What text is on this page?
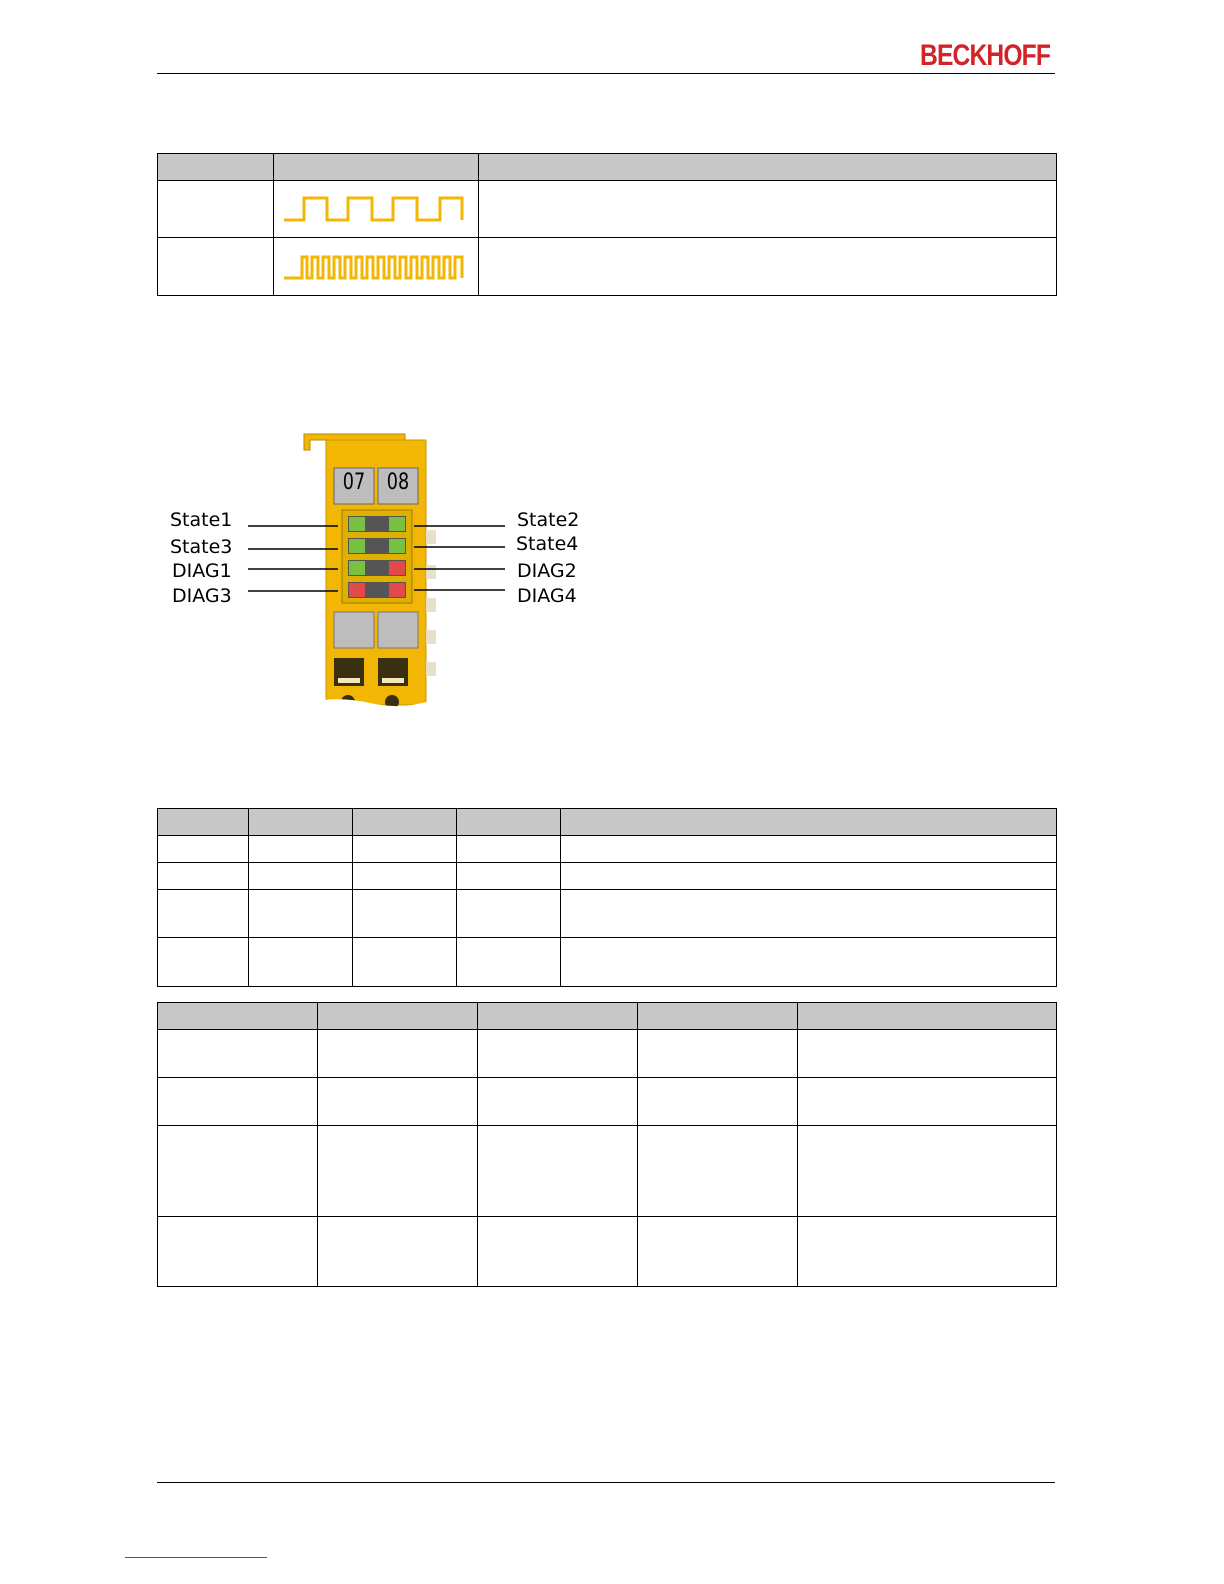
BECKHOFF

07 08
State1
State3
DIAG1
DIAG3
State2
State4
DIAG2
DIAG4
